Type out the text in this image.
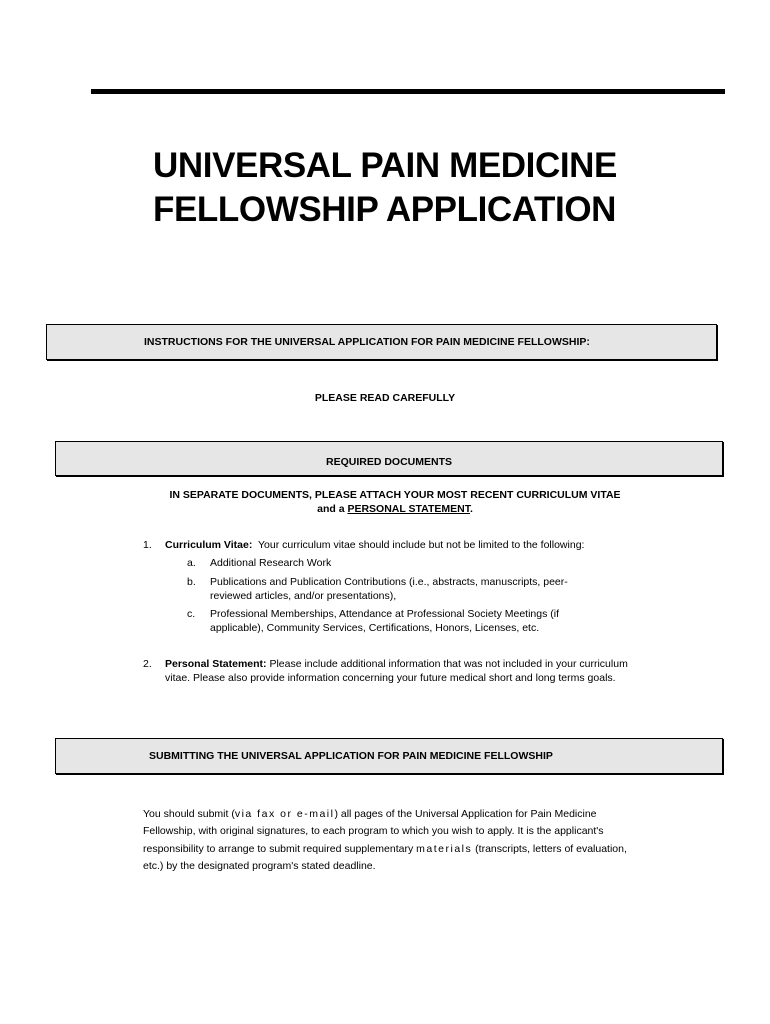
UNIVERSAL PAIN MEDICINE
FELLOWSHIP APPLICATION
INSTRUCTIONS FOR THE UNIVERSAL APPLICATION FOR PAIN MEDICINE FELLOWSHIP:
PLEASE READ CAREFULLY
REQUIRED DOCUMENTS
IN SEPARATE DOCUMENTS, PLEASE ATTACH YOUR MOST RECENT CURRICULUM VITAE
and a PERSONAL STATEMENT.
1. Curriculum Vitae: Your curriculum vitae should include but not be limited to the following:
a. Additional Research Work
b. Publications and Publication Contributions (i.e., abstracts, manuscripts, peer-reviewed articles, and/or presentations),
c. Professional Memberships, Attendance at Professional Society Meetings (if applicable), Community Services, Certifications, Honors, Licenses, etc.
2. Personal Statement: Please include additional information that was not included in your curriculum vitae. Please also provide information concerning your future medical short and long terms goals.
SUBMITTING THE UNIVERSAL APPLICATION FOR PAIN MEDICINE FELLOWSHIP
You should submit (via fax or e-mail) all pages of the Universal Application for Pain Medicine Fellowship, with original signatures, to each program to which you wish to apply. It is the applicant's responsibility to arrange to submit required supplementary materials (transcripts, letters of evaluation, etc.) by the designated program's stated deadline.
